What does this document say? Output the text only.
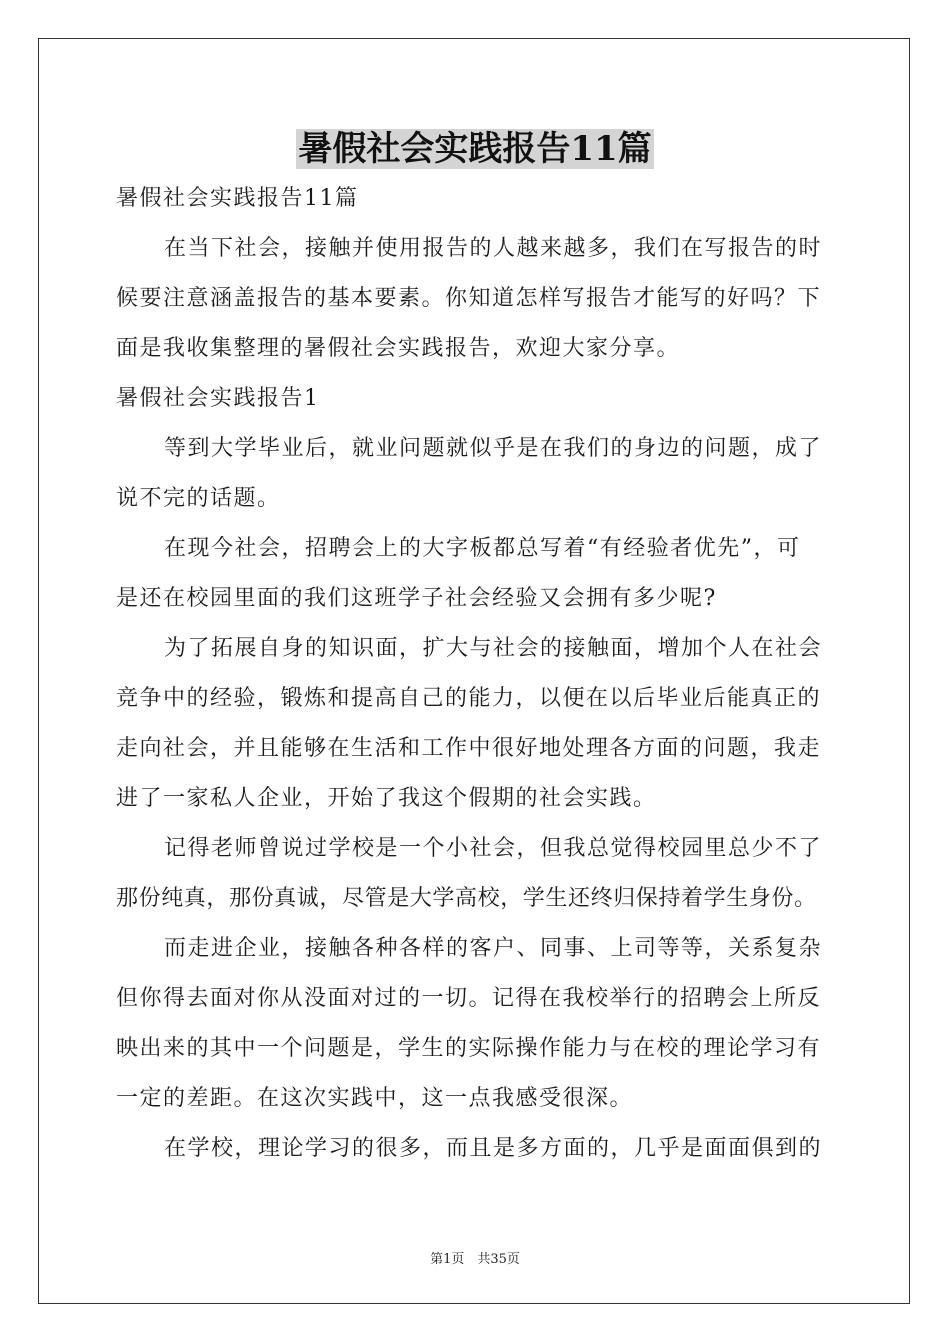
暑假社会实践报告11篇
暑假社会实践报告11篇
在当下社会，接触并使用报告的人越来越多，我们在写报告的时
候要注意涵盖报告的基本要素。你知道怎样写报告才能写的好吗？下
面是我收集整理的暑假社会实践报告，欢迎大家分享。
暑假社会实践报告1
等到大学毕业后，就业问题就似乎是在我们的身边的问题，成了
说不完的话题。
在现今社会，招聘会上的大字板都总写着“有经验者优先”，可
是还在校园里面的我们这班学子社会经验又会拥有多少呢?
为了拓展自身的知识面，扩大与社会的接触面，增加个人在社会
竞争中的经验，锻炼和提高自己的能力，以便在以后毕业后能真正的
走向社会，并且能够在生活和工作中很好地处理各方面的问题，我走
进了一家私人企业，开始了我这个假期的社会实践。
记得老师曾说过学校是一个小社会，但我总觉得校园里总少不了
那份纯真，那份真诚，尽管是大学高校，学生还终归保持着学生身份。
而走进企业，接触各种各样的客户、同事、上司等等，关系复杂
但你得去面对你从没面对过的一切。记得在我校举行的招聘会上所反
映出来的其中一个问题是，学生的实际操作能力与在校的理论学习有
一定的差距。在这次实践中，这一点我感受很深。
在学校，理论学习的很多，而且是多方面的，几乎是面面俱到的
第1页　共35页
